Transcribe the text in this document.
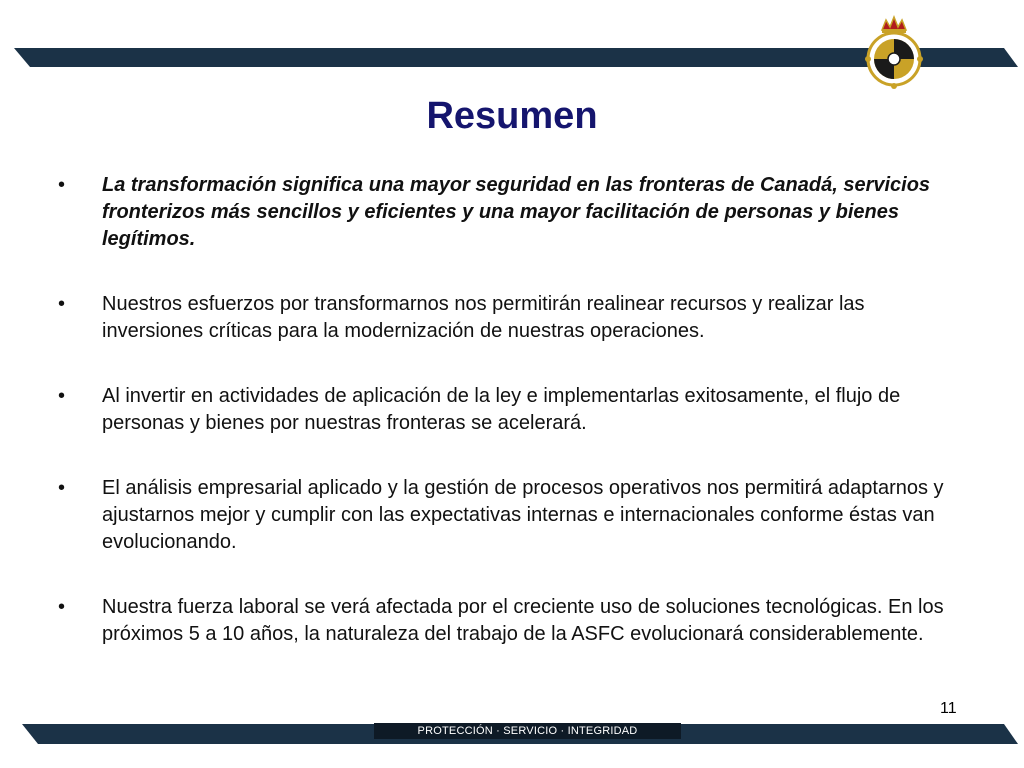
Resumen
• La transformación significa una mayor seguridad en las fronteras de Canadá, servicios fronterizos más sencillos y eficientes y una mayor facilitación de personas y bienes legítimos.
• Nuestros esfuerzos por transformarnos nos permitirán realinear recursos y realizar las inversiones críticas para la modernización de nuestras operaciones.
• Al invertir en actividades de aplicación de la ley e implementarlas exitosamente, el flujo de personas y bienes por nuestras fronteras se acelerará.
• El análisis empresarial aplicado y la gestión de procesos operativos nos permitirá adaptarnos y ajustarnos mejor y cumplir con las expectativas internas e internacionales conforme éstas van evolucionando.
• Nuestra fuerza laboral se verá afectada por el creciente uso de soluciones tecnológicas. En los próximos 5 a 10 años, la naturaleza del trabajo de la ASFC evolucionará considerablemente.
11
PROTECCIÓN · SERVICIO · INTEGRIDAD
